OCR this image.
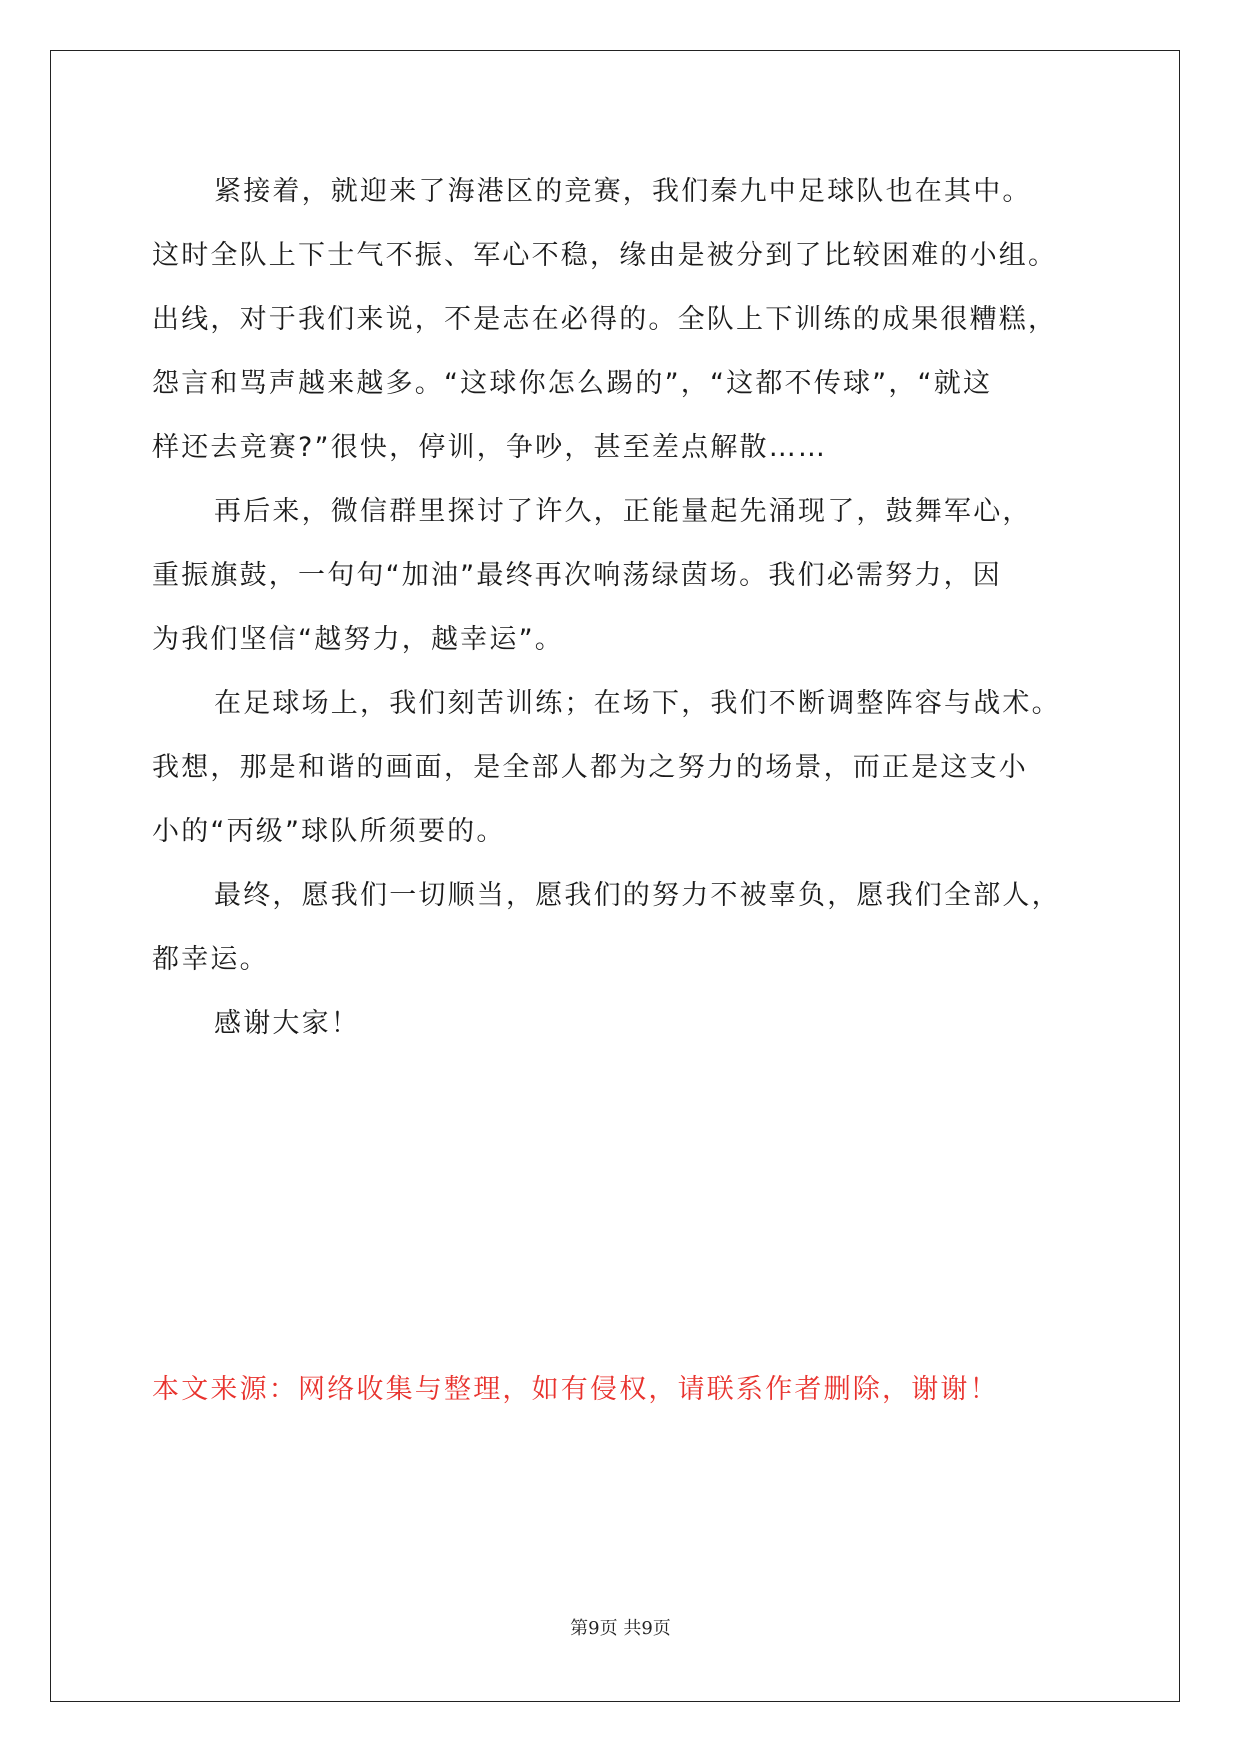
紧接着，就迎来了海港区的竞赛，我们秦九中足球队也在其中。
这时全队上下士气不振、军心不稳，缘由是被分到了比较困难的小组。
出线，对于我们来说，不是志在必得的。全队上下训练的成果很糟糕，
怨言和骂声越来越多。“这球你怎么踢的”，“这都不传球”，“就这
样还去竞赛?”很快，停训，争吵，甚至差点解散……
再后来，微信群里探讨了许久，正能量起先涌现了，鼓舞军心，
重振旗鼓，一句句“加油”最终再次响荡绿茵场。我们必需努力，因
为我们坚信“越努力，越幸运”。
在足球场上，我们刻苦训练；在场下，我们不断调整阵容与战术。
我想，那是和谐的画面，是全部人都为之努力的场景，而正是这支小
小的“丙级”球队所须要的。
最终，愿我们一切顺当，愿我们的努力不被辜负，愿我们全部人，
都幸运。
感谢大家！
本文来源：网络收集与整理，如有侵权，请联系作者删除，谢谢！
第9页 共9页
